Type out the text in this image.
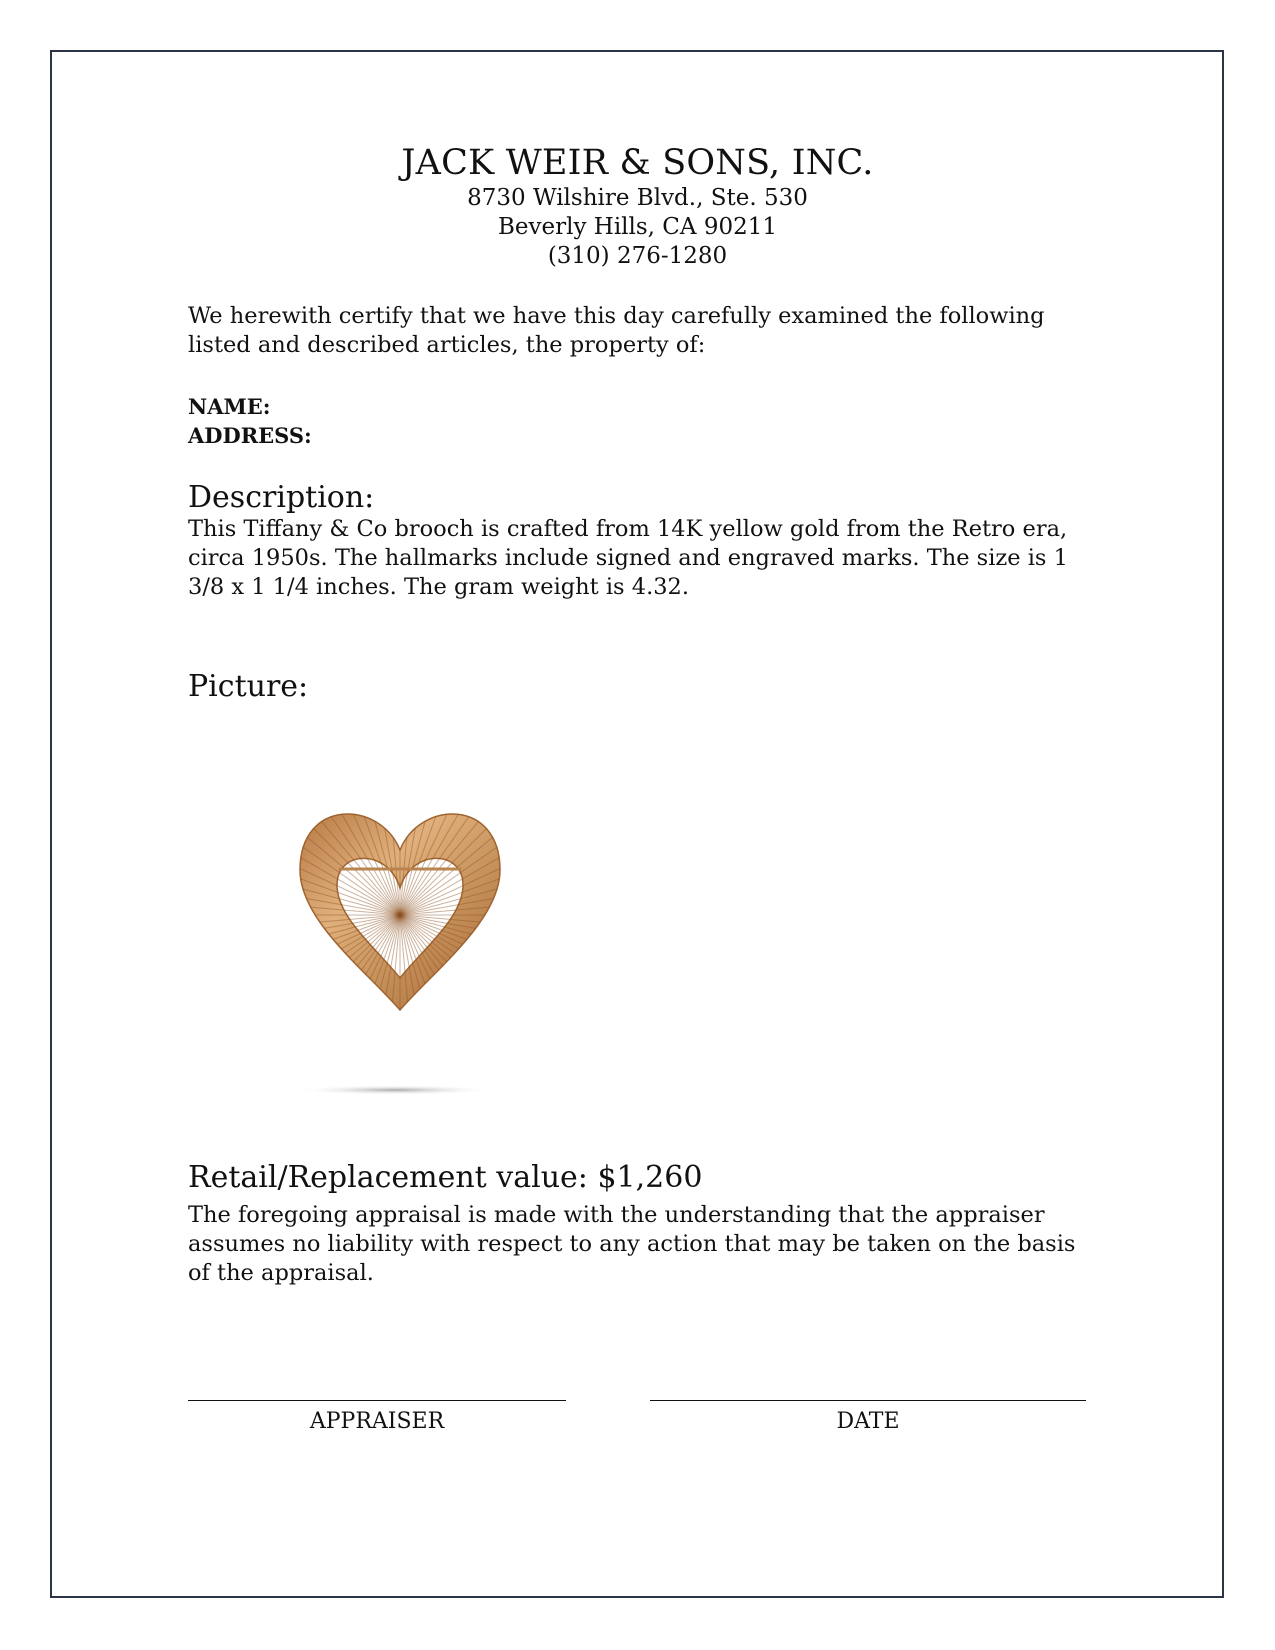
JACK WEIR & SONS, INC.
8730 Wilshire Blvd., Ste. 530
Beverly Hills, CA 90211
(310) 276-1280
We herewith certify that we have this day carefully examined the following listed and described articles, the property of:
NAME:
ADDRESS:
Description:
This Tiffany & Co brooch is crafted from 14K yellow gold from the Retro era, circa 1950s. The hallmarks include signed and engraved marks. The size is 1 3/8 x 1 1/4 inches. The gram weight is 4.32.
Picture:
Retail/Replacement value: $1,260
The foregoing appraisal is made with the understanding that the appraiser assumes no liability with respect to any action that may be taken on the basis of the appraisal.
APPRAISER	DATE
